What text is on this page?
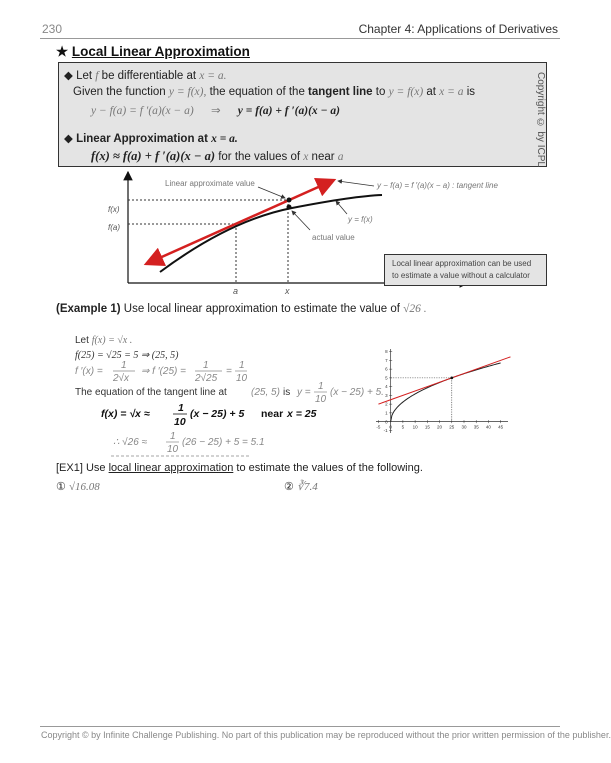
230	Chapter 4: Applications of Derivatives
★ Local Linear Approximation
◆ Let f be differentiable at x = a.
Given the function y = f(x), the equation of the tangent line to y = f(x) at x = a is
y − f(a) = f ′(a)(x − a) ⇒ y = f(a) + f ′(a)(x − a)
◆ Linear Approximation at x = a.
f(x) ≈ f(a) + f ′(a)(x − a) for the values of x near a	Copyright © by ICPL
Linear approximate value	y − f(a) = f ′(a)(x − a) : tangent line
y = f(x)
actual value
f(x)
f(a)
a	x
Local linear approximation can be used
to estimate a value without a calculator
(Example 1) Use local linear approximation to estimate the value of √26 .
Let f(x) = √x .
f(25) = √25 = 5 ⇒ (25, 5)
f ′(x) =
1
2√x
⇒ f ′(25) =
1
2√25
=
1
10
The equation of the tangent line at (25, 5) is y =
1
10
(x − 25) + 5.
f(x) = √x ≈	1
10
(x − 25) + 5 near x = 25
∴ √26 ≈
1
10
(26 − 25) + 5 = 5.1
-5 0 5 10 15 20 25 30 35 40 45
-1
0
1
2
3
4
5
6
7
8
[EX1] Use local linear approximation to estimate the values of the following.
① √16.08	② ∛7.4
Copyright © by Infinite Challenge Publishing. No part of this publication may be reproduced without the prior written permission of the publisher.
